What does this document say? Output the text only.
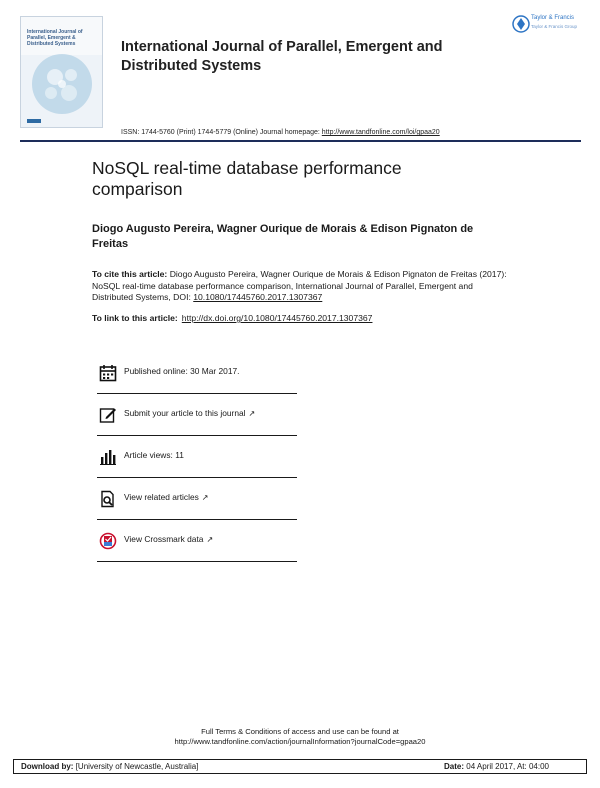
International Journal of
Parallel, Emergent &
Distributed Systems	International Journal of Parallel, Emergent and Distributed Systems
Taylor & Francis
Taylor & Francis Group
ISSN: 1744-5760 (Print) 1744-5779 (Online) Journal homepage: http://www.tandfonline.com/loi/gpaa20
NoSQL real-time database performance comparison
Diogo Augusto Pereira, Wagner Ourique de Morais & Edison Pignaton de Freitas
To cite this article: Diogo Augusto Pereira, Wagner Ourique de Morais & Edison Pignaton de Freitas (2017): NoSQL real-time database performance comparison, International Journal of Parallel, Emergent and Distributed Systems, DOI: 10.1080/17445760.2017.1307367
To link to this article: http://dx.doi.org/10.1080/17445760.2017.1307367
Published online: 30 Mar 2017.
Submit your article to this journal ↗
Article views: 11
View related articles ↗
View Crossmark data ↗
Full Terms & Conditions of access and use can be found at
http://www.tandfonline.com/action/journalInformation?journalCode=gpaa20
Download by: [University of Newcastle, Australia]	Date: 04 April 2017, At: 04:00
